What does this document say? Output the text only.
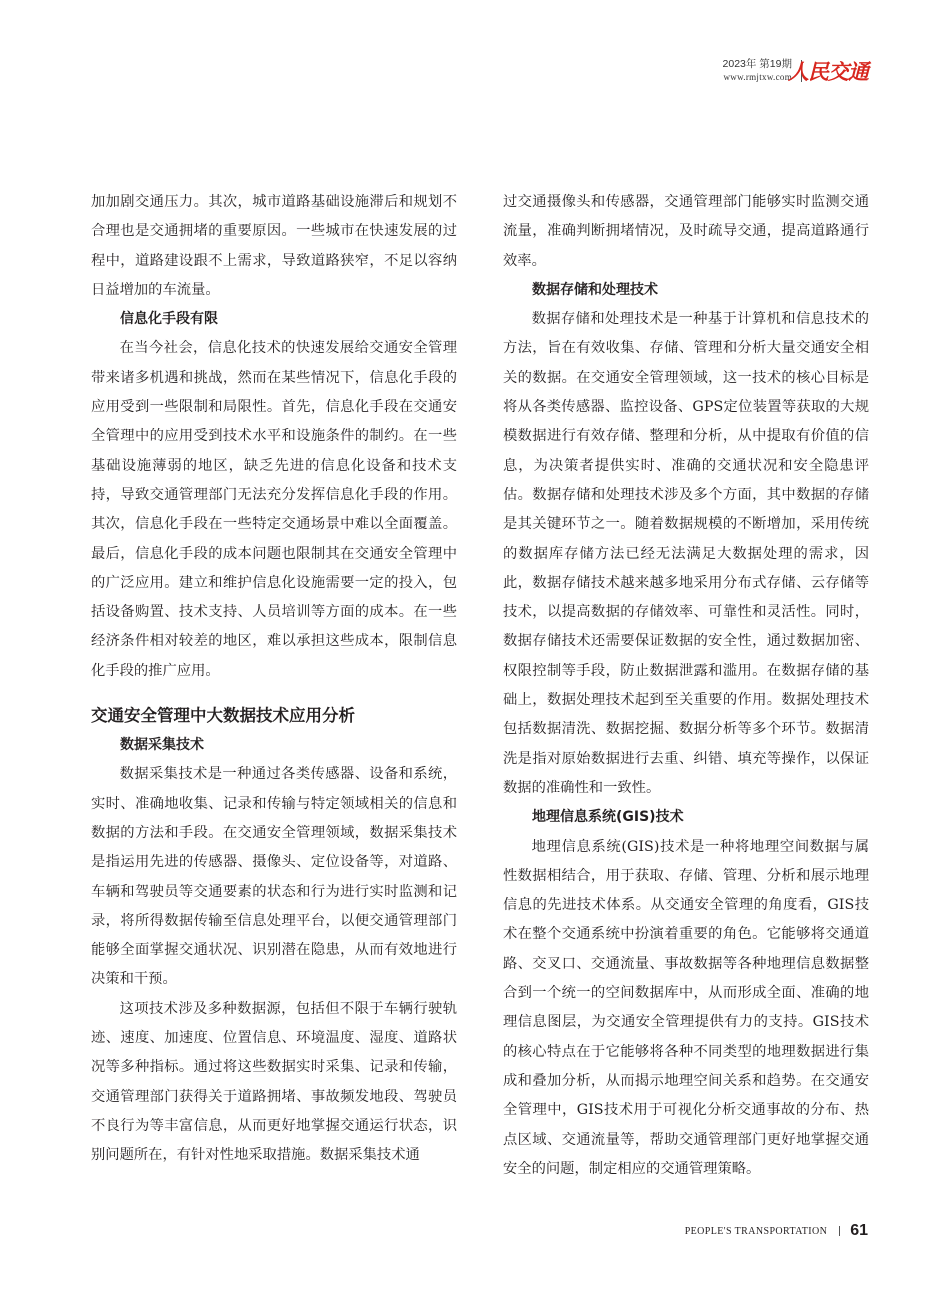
2023年 第19期
www.rmjtxw.com
人民交通

加加剧交通压力。其次，城市道路基础设施滞后和规划不合理也是交通拥堵的重要原因。一些城市在快速发展的过程中，道路建设跟不上需求，导致道路狭窄，不足以容纳日益增加的车流量。

信息化手段有限

在当今社会，信息化技术的快速发展给交通安全管理带来诸多机遇和挑战，然而在某些情况下，信息化手段的应用受到一些限制和局限性。首先，信息化手段在交通安全管理中的应用受到技术水平和设施条件的制约。在一些基础设施薄弱的地区，缺乏先进的信息化设备和技术支持，导致交通管理部门无法充分发挥信息化手段的作用。其次，信息化手段在一些特定交通场景中难以全面覆盖。最后，信息化手段的成本问题也限制其在交通安全管理中的广泛应用。建立和维护信息化设施需要一定的投入，包括设备购置、技术支持、人员培训等方面的成本。在一些经济条件相对较差的地区，难以承担这些成本，限制信息化手段的推广应用。

交通安全管理中大数据技术应用分析
数据采集技术

数据采集技术是一种通过各类传感器、设备和系统，实时、准确地收集、记录和传输与特定领域相关的信息和数据的方法和手段。在交通安全管理领域，数据采集技术是指运用先进的传感器、摄像头、定位设备等，对道路、车辆和驾驶员等交通要素的状态和行为进行实时监测和记录，将所得数据传输至信息处理平台，以便交通管理部门能够全面掌握交通状况、识别潜在隐患，从而有效地进行决策和干预。

这项技术涉及多种数据源，包括但不限于车辆行驶轨迹、速度、加速度、位置信息、环境温度、湿度、道路状况等多种指标。通过将这些数据实时采集、记录和传输，交通管理部门获得关于道路拥堵、事故频发地段、驾驶员不良行为等丰富信息，从而更好地掌握交通运行状态，识别问题所在，有针对性地采取措施。数据采集技术通

过交通摄像头和传感器，交通管理部门能够实时监测交通流量，准确判断拥堵情况，及时疏导交通，提高道路通行效率。

数据存储和处理技术

数据存储和处理技术是一种基于计算机和信息技术的方法，旨在有效收集、存储、管理和分析大量交通安全相关的数据。在交通安全管理领域，这一技术的核心目标是将从各类传感器、监控设备、GPS定位装置等获取的大规模数据进行有效存储、整理和分析，从中提取有价值的信息，为决策者提供实时、准确的交通状况和安全隐患评估。数据存储和处理技术涉及多个方面，其中数据的存储是其关键环节之一。随着数据规模的不断增加，采用传统的数据库存储方法已经无法满足大数据处理的需求，因此，数据存储技术越来越多地采用分布式存储、云存储等技术，以提高数据的存储效率、可靠性和灵活性。同时，数据存储技术还需要保证数据的安全性，通过数据加密、权限控制等手段，防止数据泄露和滥用。在数据存储的基础上，数据处理技术起到至关重要的作用。数据处理技术包括数据清洗、数据挖掘、数据分析等多个环节。数据清洗是指对原始数据进行去重、纠错、填充等操作，以保证数据的准确性和一致性。

地理信息系统(GIS)技术

地理信息系统(GIS)技术是一种将地理空间数据与属性数据相结合，用于获取、存储、管理、分析和展示地理信息的先进技术体系。从交通安全管理的角度看，GIS技术在整个交通系统中扮演着重要的角色。它能够将交通道路、交叉口、交通流量、事故数据等各种地理信息数据整合到一个统一的空间数据库中，从而形成全面、准确的地理信息图层，为交通安全管理提供有力的支持。GIS技术的核心特点在于它能够将各种不同类型的地理数据进行集成和叠加分析，从而揭示地理空间关系和趋势。在交通安全管理中，GIS技术用于可视化分析交通事故的分布、热点区域、交通流量等，帮助交通管理部门更好地掌握交通安全的问题，制定相应的交通管理策略。

PEOPLE'S TRANSPORTATION 61
